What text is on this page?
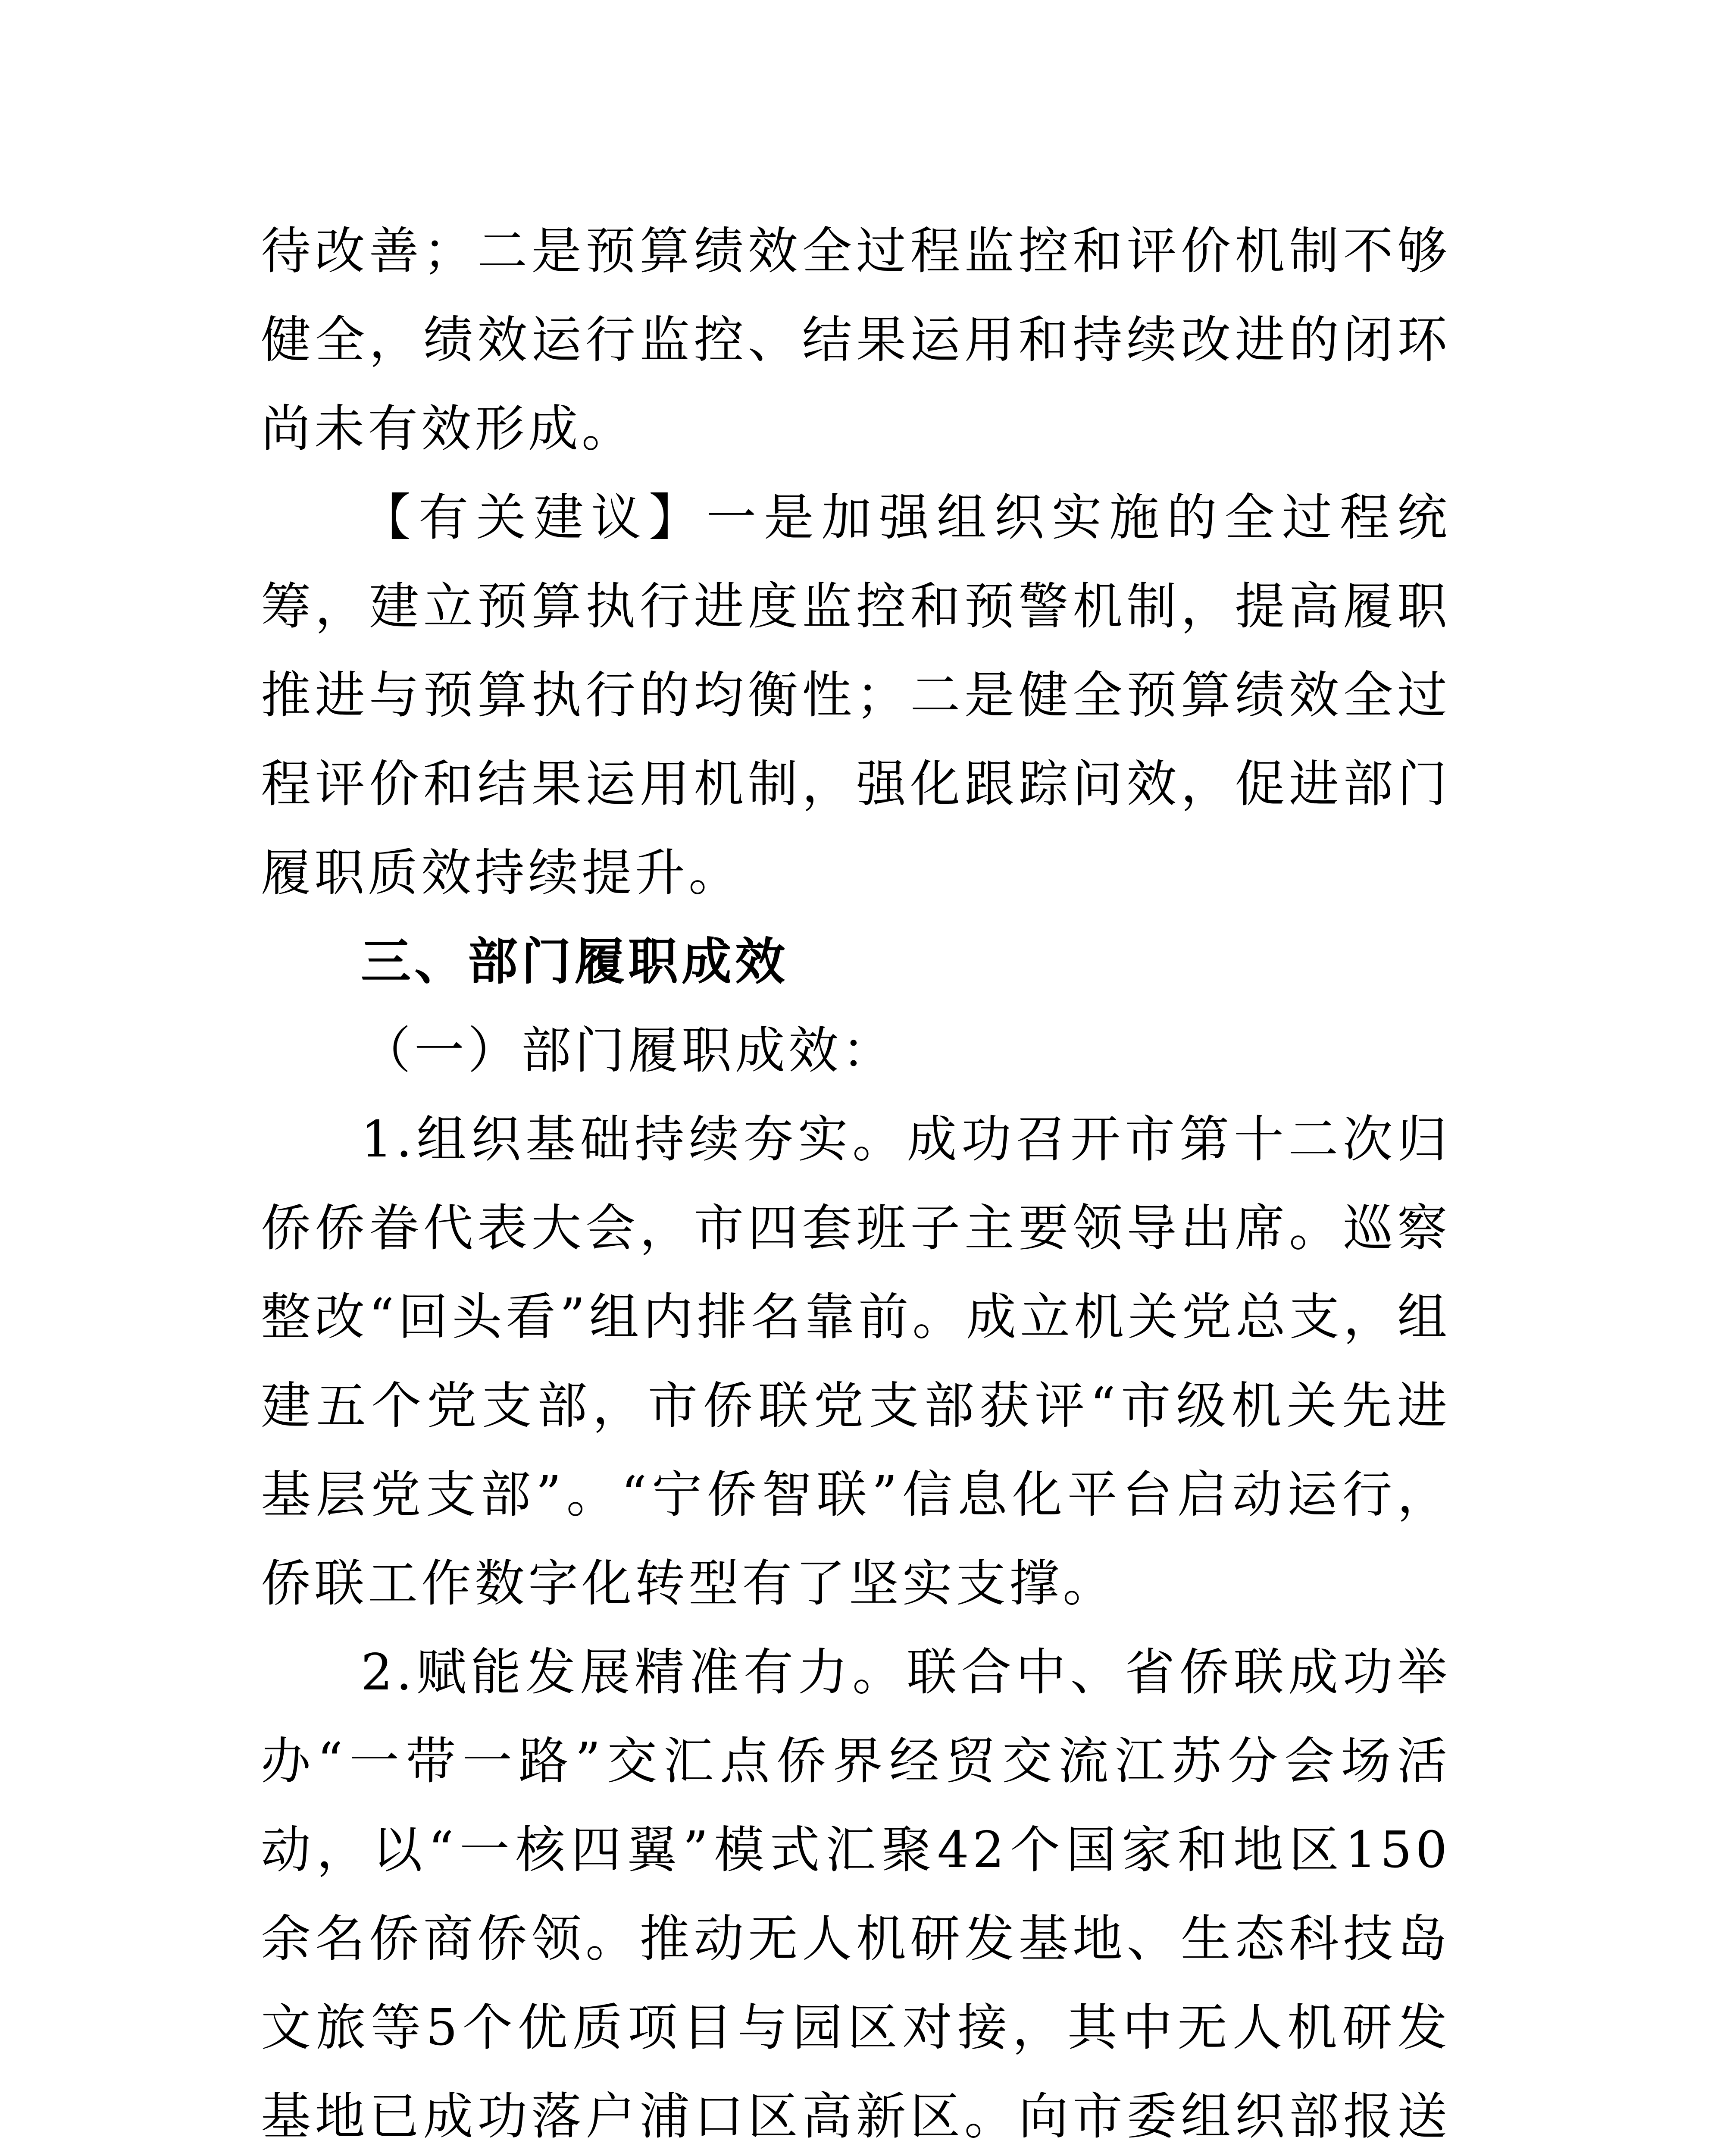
待改善；二是预算绩效全过程监控和评价机制不够健全，绩效运行监控、结果运用和持续改进的闭环尚未有效形成。

【有关建议】一是加强组织实施的全过程统筹，建立预算执行进度监控和预警机制，提高履职推进与预算执行的均衡性；二是健全预算绩效全过程评价和结果运用机制，强化跟踪问效，促进部门履职质效持续提升。

三、部门履职成效

（一）部门履职成效：

1.组织基础持续夯实。成功召开市第十二次归侨侨眷代表大会，市四套班子主要领导出席。巡察整改“回头看”组内排名靠前。成立机关党总支，组建五个党支部，市侨联党支部获评“市级机关先进基层党支部”。“宁侨智联”信息化平台启动运行，侨联工作数字化转型有了坚实支撑。

2.赋能发展精准有力。联合中、省侨联成功举办“一带一路”交汇点侨界经贸交流江苏分会场活动，以“一核四翼”模式汇聚42个国家和地区150余名侨商侨领。推动无人机研发基地、生态科技岛文旅等5个优质项目与园区对接，其中无人机研发基地已成功落户浦口区高新区。向市委组织部报送
